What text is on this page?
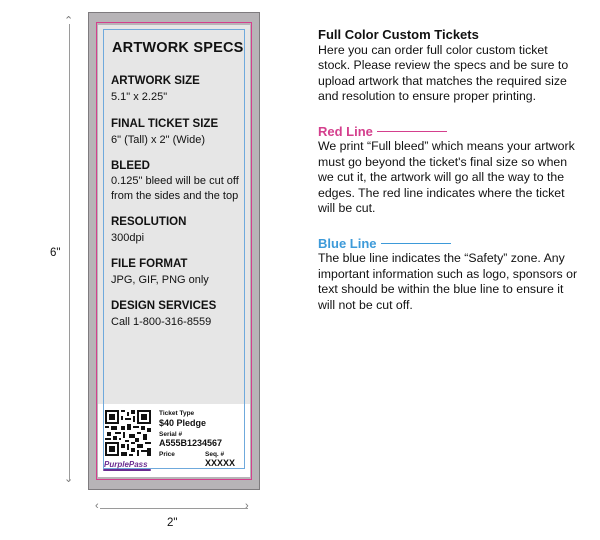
⌃
⌄
6"
‹	›
2"
ARTWORK SPECS
ARTWORK SIZE
5.1" x 2.25"
FINAL TICKET SIZE
6" (Tall) x 2" (Wide)
BLEED
0.125" bleed will be cut off from the sides and the top
RESOLUTION
300dpi
FILE FORMAT
JPG, GIF, PNG only
DESIGN SERVICES
Call 1-800-316-8559
Ticket Type
$40 Pledge
Serial #
A555B1234567
Price	Seq. #
XXXXX
PurplePass
Full Color Custom Tickets
Here you can order full color custom ticket stock. Please review the specs and be sure to upload artwork that matches the required size and resolution to ensure proper printing.
Red Line
We print “Full bleed” which means your artwork must go beyond the ticket's final size so when we cut it, the artwork will go all the way to the edges. The red line indicates where the ticket will be cut.
Blue Line
The blue line indicates the “Safety” zone. Any important information such as logo, sponsors or text should be within the blue line to ensure it will not be cut off.
